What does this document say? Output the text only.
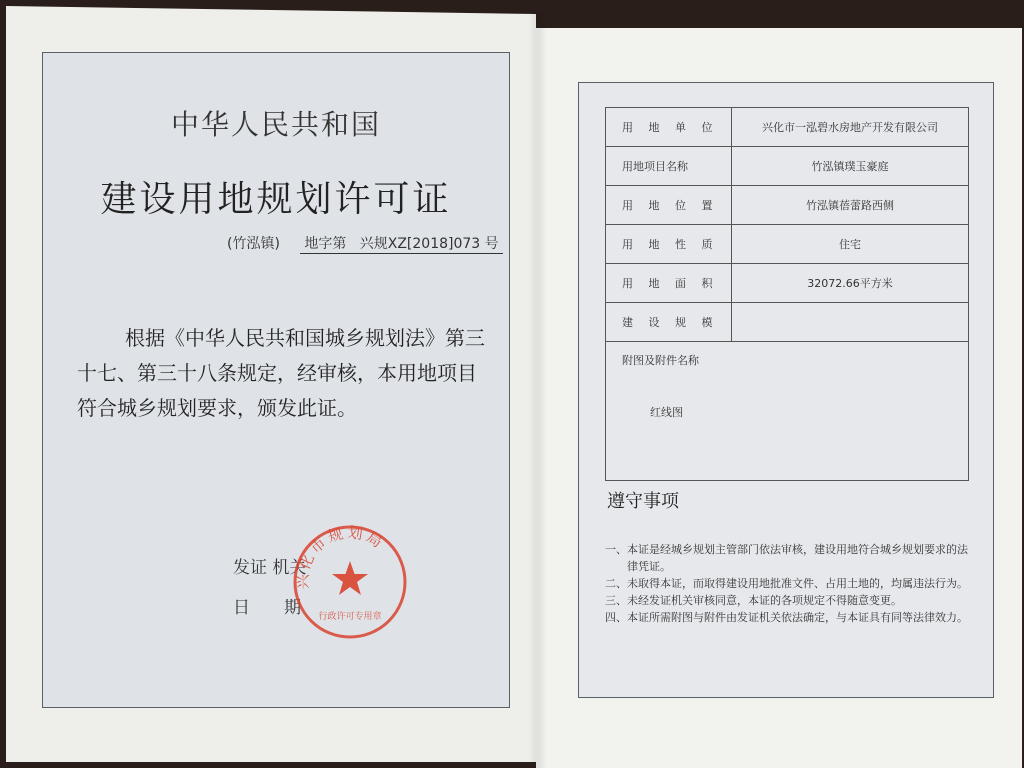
中华人民共和国
建设用地规划许可证
(竹泓镇) 地字第 兴规XZ[2018]073 号
根据《中华人民共和国城乡规划法》第三十七、第三十八条规定，经审核，本用地项目符合城乡规划要求，颁发此证。
发证 机关
日 期
兴化市规划局
行政许可专用章
用 地 单 位	兴化市一泓碧水房地产开发有限公司
用地项目名称	竹泓镇璞玉豪庭
用 地 位 置	竹泓镇蓓蕾路西侧
用 地 性 质	住宅
用 地 面 积	32072.66平方米
建 设 规 模	

附图及附件名称
红线图	
遵守事项
一、本证是经城乡规划主管部门依法审核，建设用地符合城乡规划要求的法律凭证。
二、未取得本证，而取得建设用地批准文件、占用土地的，均属违法行为。
三、未经发证机关审核同意，本证的各项规定不得随意变更。
四、本证所需附图与附件由发证机关依法确定，与本证具有同等法律效力。
